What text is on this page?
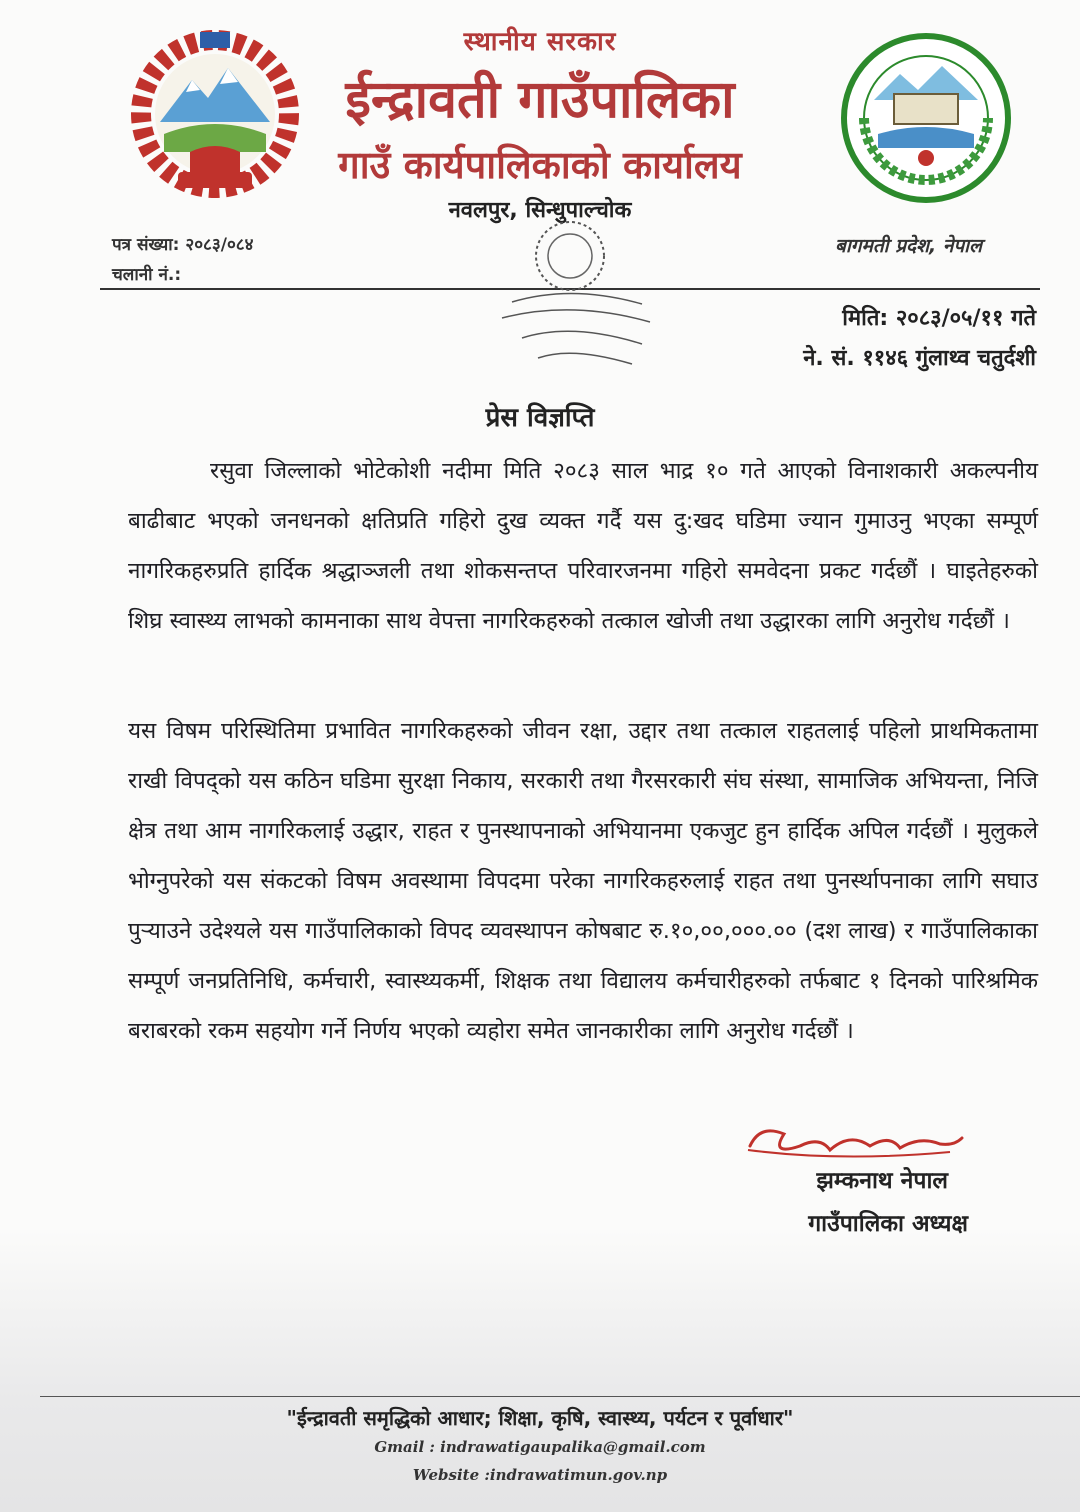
स्थानीय सरकार
ईन्द्रावती गाउँपालिका
गाउँ कार्यपालिकाको कार्यालय
नवलपुर, सिन्धुपाल्चोक
पत्र संख्या: २०८३/०८४
चलानी नं.:
बागमती प्रदेश, नेपाल
मिति: २०८३/०५/११ गते
ने. सं. ११४६ गुंलाथ्व चतुर्दशी
प्रेस विज्ञप्ति

रसुवा जिल्लाको भोटेकोशी नदीमा मिति २०८३ साल भाद्र १० गते आएको विनाशकारी अकल्पनीय बाढीबाट भएको जनधनको क्षतिप्रति गहिरो दुख व्यक्त गर्दै यस दु:खद घडिमा ज्यान गुमाउनु भएका सम्पूर्ण नागरिकहरुप्रति हार्दिक श्रद्धाञ्जली तथा शोकसन्तप्त परिवारजनमा गहिरो समवेदना प्रकट गर्दछौं । घाइतेहरुको शिघ्र स्वास्थ्य लाभको कामनाका साथ वेपत्ता नागरिकहरुको तत्काल खोजी तथा उद्धारका लागि अनुरोध गर्दछौं ।

यस विषम परिस्थितिमा प्रभावित नागरिकहरुको जीवन रक्षा, उद्दार तथा तत्काल राहतलाई पहिलो प्राथमिकतामा राखी विपद्को यस कठिन घडिमा सुरक्षा निकाय, सरकारी तथा गैरसरकारी संघ संस्था, सामाजिक अभियन्ता, निजि क्षेत्र तथा आम नागरिकलाई उद्धार, राहत र पुनस्थापनाको अभियानमा एकजुट हुन हार्दिक अपिल गर्दछौं । मुलुकले भोग्नुपरेको यस संकटको विषम अवस्थामा विपदमा परेका नागरिकहरुलाई राहत तथा पुनर्स्थापनाका लागि सघाउ पुऱ्याउने उदेश्यले यस गाउँपालिकाको विपद व्यवस्थापन कोषबाट रु.१०,००,०००.०० (दश लाख) र गाउँपालिकाका सम्पूर्ण जनप्रतिनिधि, कर्मचारी, स्वास्थ्यकर्मी, शिक्षक तथा विद्यालय कर्मचारीहरुको तर्फबाट १ दिनको पारिश्रमिक बराबरको रकम सहयोग गर्ने निर्णय भएको व्यहोरा समेत जानकारीका लागि अनुरोध गर्दछौं ।

झम्कनाथ नेपाल
गाउँपालिका अध्यक्ष
"ईन्द्रावती समृद्धिको आधार; शिक्षा, कृषि, स्वास्थ्य, पर्यटन र पूर्वाधार"
Gmail : indrawatigaupalika@gmail.com
Website :indrawatimun.gov.np
